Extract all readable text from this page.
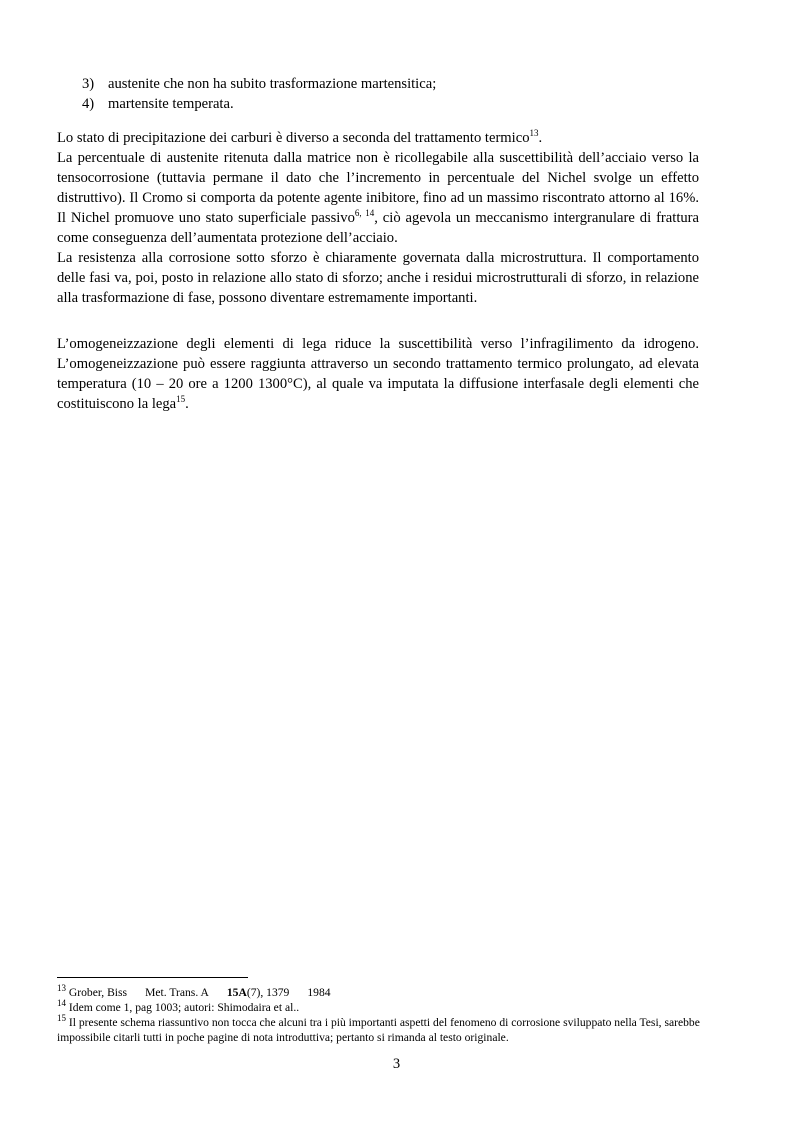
3) austenite che non ha subito trasformazione martensitica;
4) martensite temperata.

Lo stato di precipitazione dei carburi è diverso a seconda del trattamento termico$^{13}$.

La percentuale di austenite ritenuta dalla matrice non è ricollegabile alla suscettibilità dell’acciaio verso la tensocorrosione (tuttavia permane il dato che l’incremento in percentuale del Nichel svolge un effetto distruttivo). Il Cromo si comporta da potente agente inibitore, fino ad un massimo riscontrato attorno al 16%. Il Nichel promuove uno stato superficiale passivo$^{6, 14}$, ciò agevola un meccanismo intergranulare di frattura come conseguenza dell’aumentata protezione dell’acciaio.
La resistenza alla corrosione sotto sforzo è chiaramente governata dalla microstruttura. Il comportamento delle fasi va, poi, posto in relazione allo stato di sforzo; anche i residui microstrutturali di sforzo, in relazione alla trasformazione di fase, possono diventare estremamente importanti.

L’omogeneizzazione degli elementi di lega riduce la suscettibilità verso l’infragilimento da idrogeno. L’omogeneizzazione può essere raggiunta attraverso un secondo trattamento termico prolungato, ad elevata temperatura (10 – 20 ore a 1200 1300°C), al quale va imputata la diffusione interfasale degli elementi che costituiscono la lega$^{15}$.

$^{13}$ Grober, Biss Met. Trans. A 15A(7), 1379 1984
$^{14}$ Idem come 1, pag 1003; autori: Shimodaira et al..
$^{15}$ Il presente schema riassuntivo non tocca che alcuni tra i più importanti aspetti del fenomeno di corrosione sviluppato nella Tesi, sarebbe impossibile citarli tutti in poche pagine di nota introduttiva; pertanto si rimanda al testo originale.
3
